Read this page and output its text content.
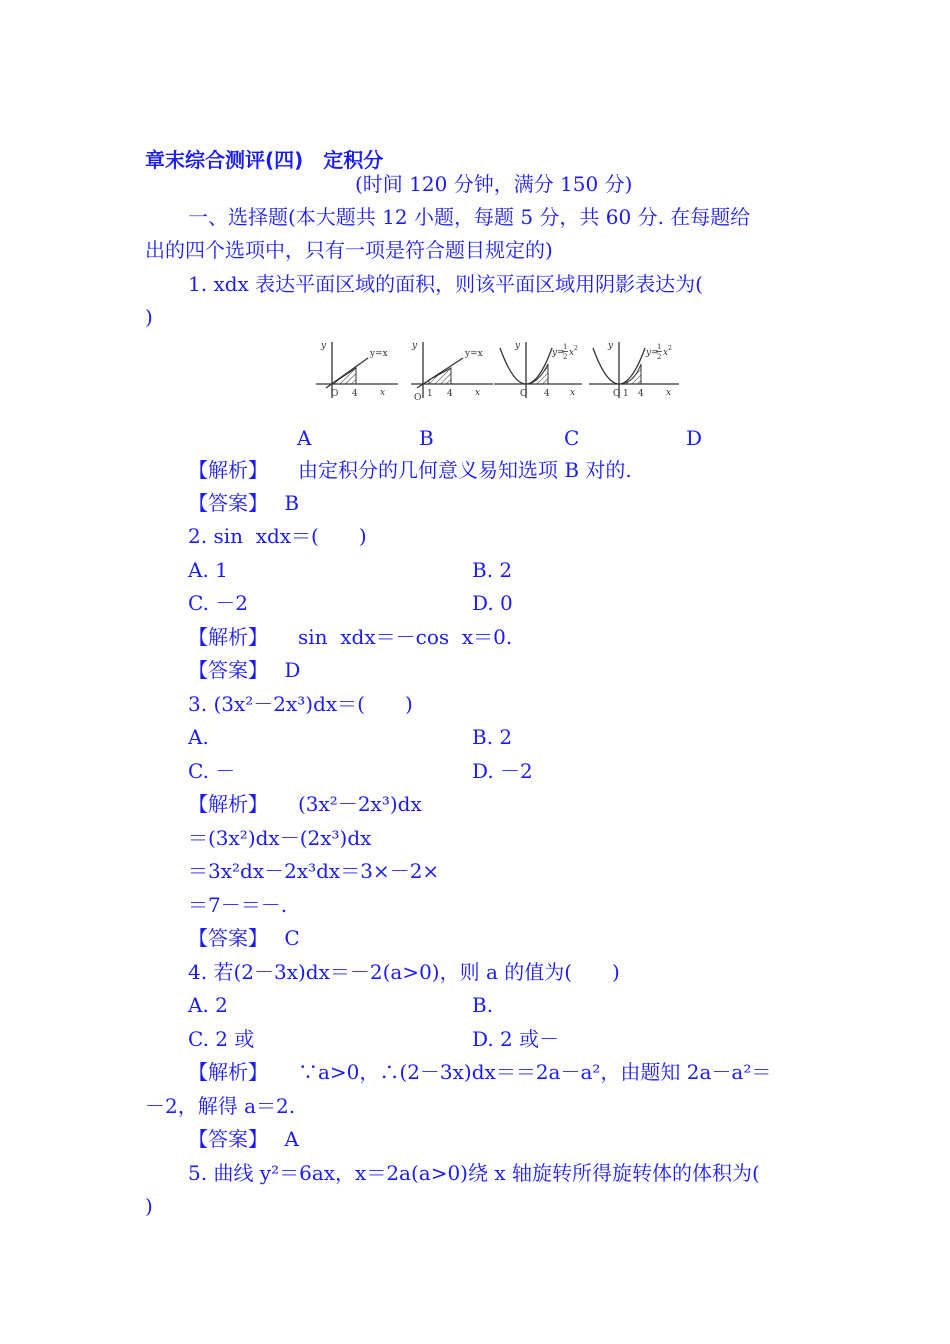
章末综合测评(四)　定积分
(时间 120 分钟，满分 150 分)
一、选择题(本大题共 12 小题，每题 5 分，共 60 分. 在每题给
出的四个选项中，只有一项是符合题目规定的)
1. xdx 表达平面区域的面积，则该平面区域用阴影表达为(
)
y
x
O 4
y=x
y
x
O 1 4
y=x
y
x
O 4
y=
1
2 x 2	y
x
O 1 4
y=
1
2 x 2
A	B	C	D
【解析】　　由定积分的几何意义易知选项 B 对的.
【答案】　 B
2. sin  xdx＝(　　)
A. 1	B. 2
C. －2	D. 0
【解析】　　sin  xdx＝－cos  x＝0.
【答案】　 D
3. (3x²－2x³)dx＝(　　)
A.	B. 2
C. －	D. －2
【解析】　　(3x²－2x³)dx
＝(3x²)dx－(2x³)dx
＝3x²dx－2x³dx＝3×－2×
＝7－＝－.
【答案】　 C
4. 若(2－3x)dx＝－2(a>0)，则 a 的值为(　　)
A. 2	B.
C. 2 或	D. 2 或－
【解析】　　∵a>0，∴(2－3x)dx＝＝2a－a²，由题知 2a－a²＝
－2，解得 a＝2.
【答案】　 A
5. 曲线 y²＝6ax，x＝2a(a>0)绕 x 轴旋转所得旋转体的体积为(
)
